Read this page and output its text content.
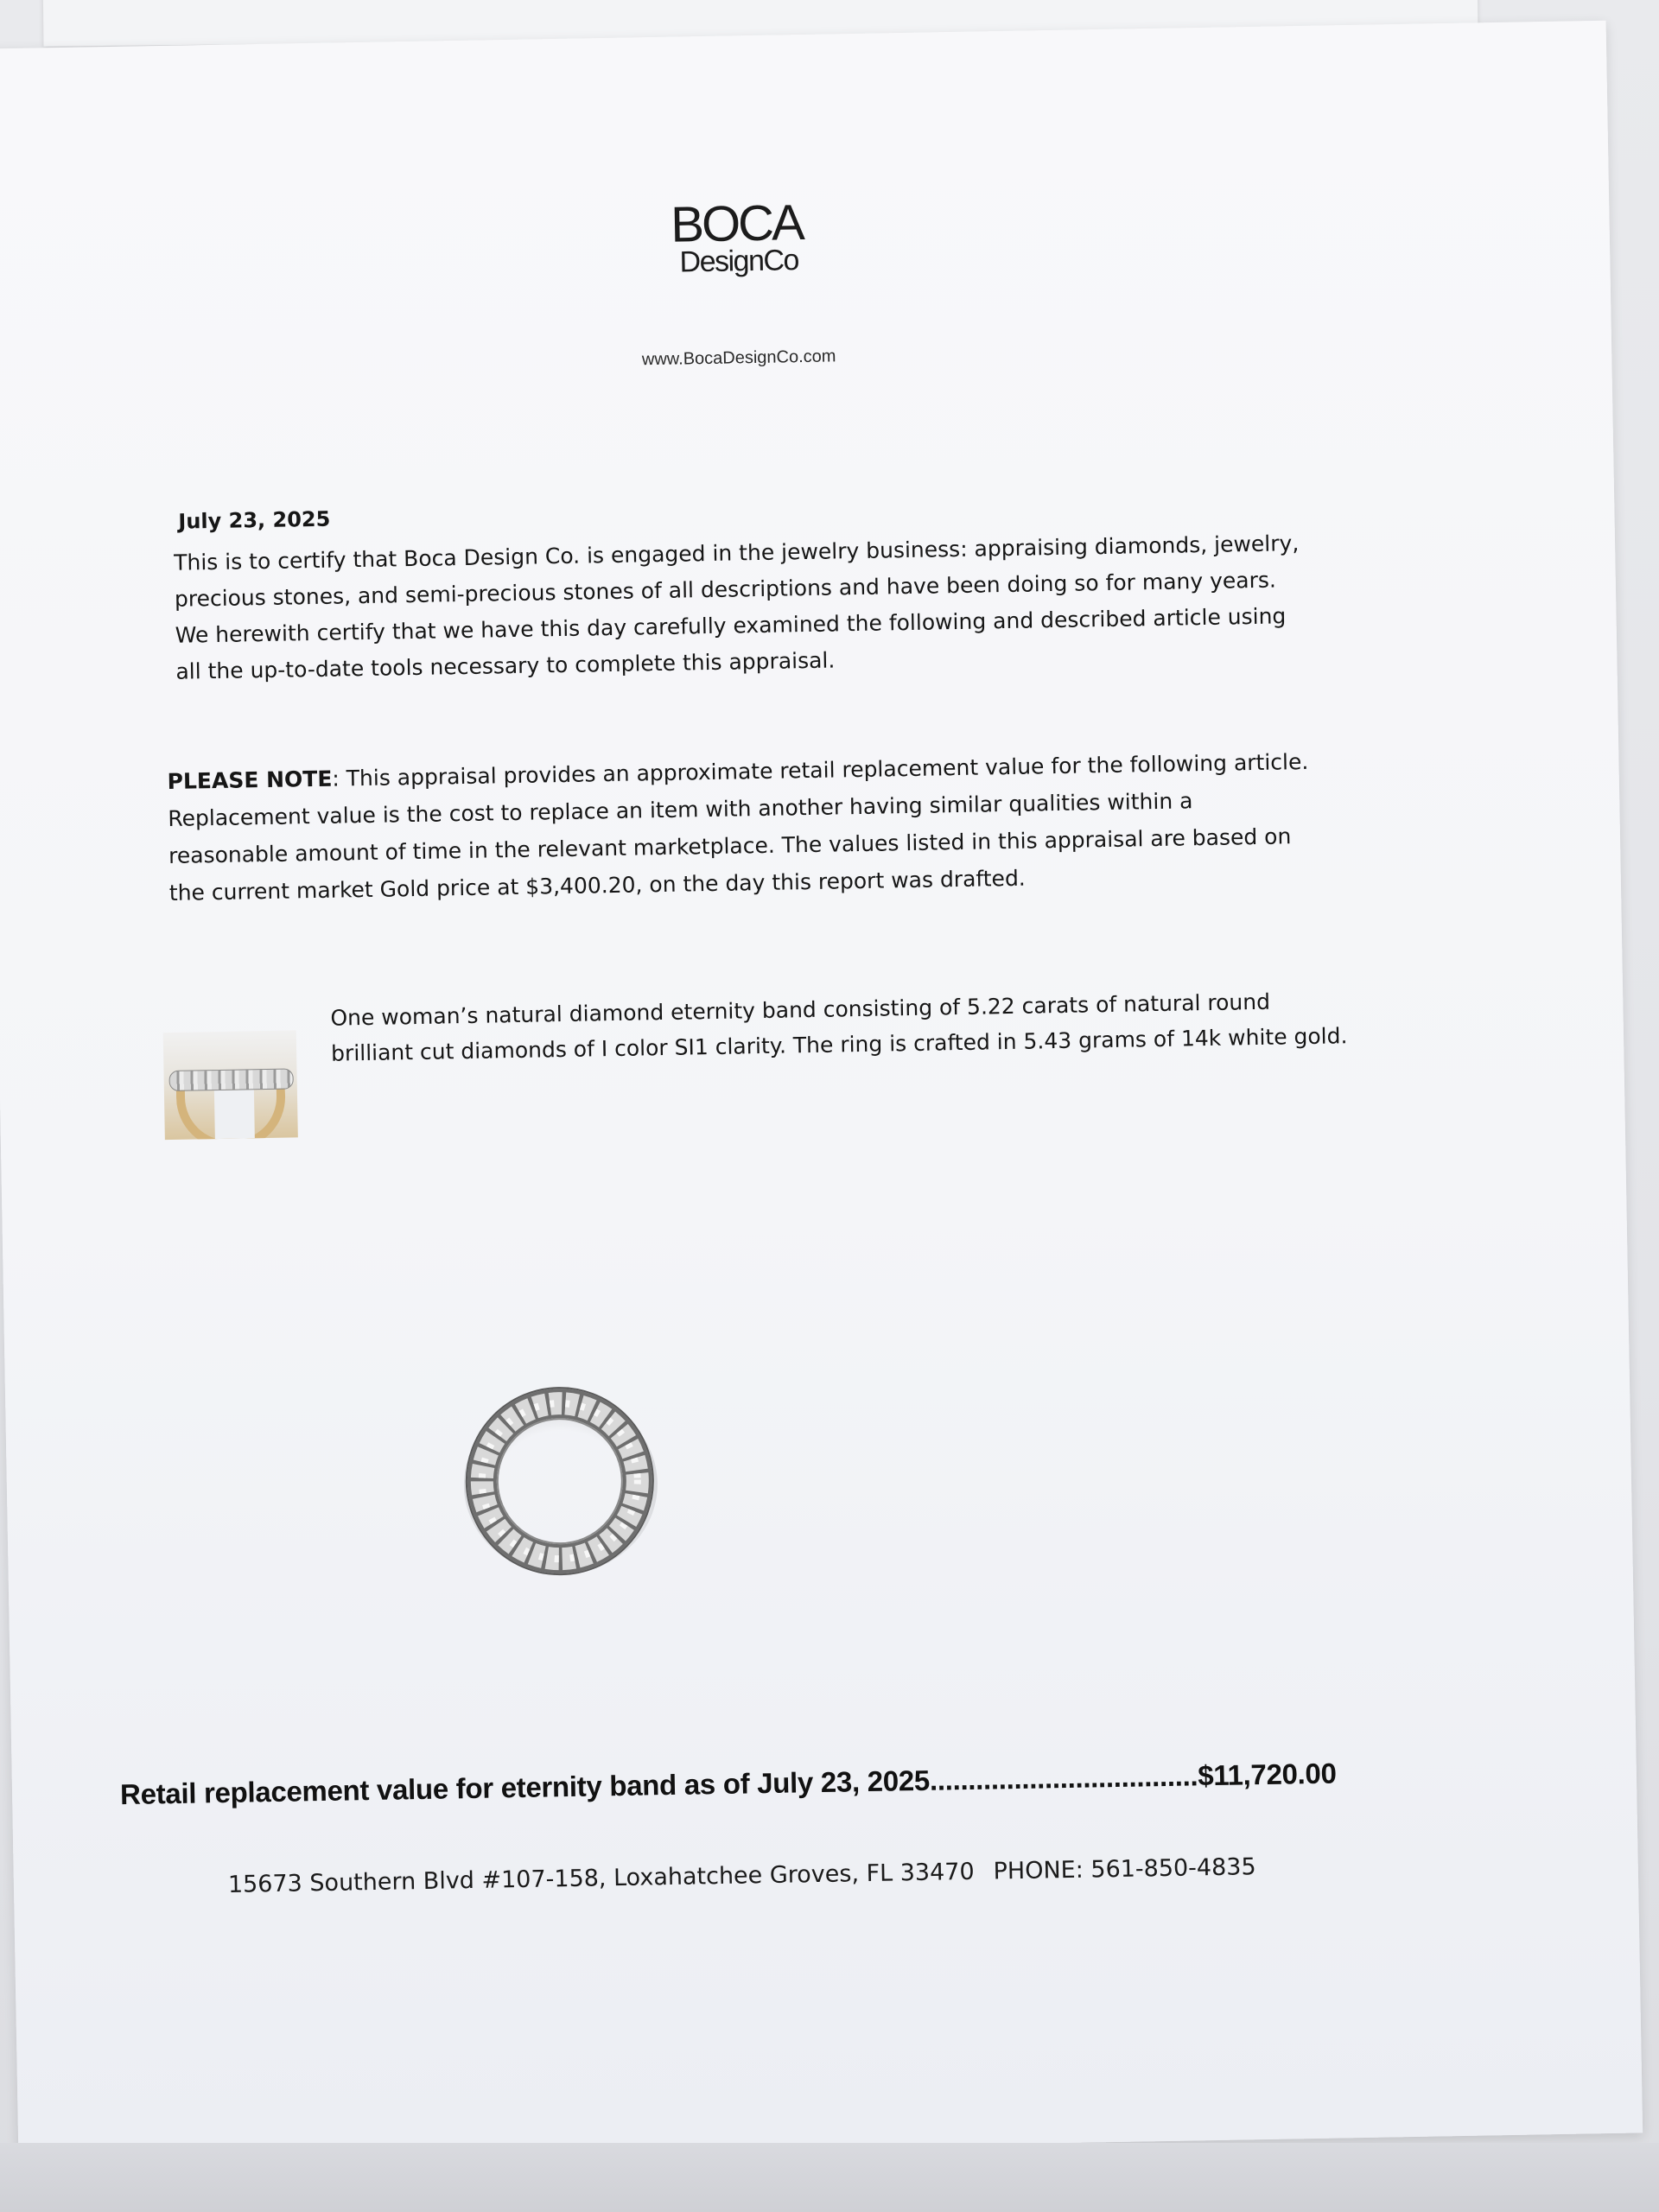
BOCA
DesignCo
www.BocaDesignCo.com
July 23, 2025
This is to certify that Boca Design Co. is engaged in the jewelry business: appraising diamonds, jewelry, precious stones, and semi-precious stones of all descriptions and have been doing so for many years. We herewith certify that we have this day carefully examined the following and described article using all the up-to-date tools necessary to complete this appraisal.
PLEASE NOTE: This appraisal provides an approximate retail replacement value for the following article. Replacement value is the cost to replace an item with another having similar qualities within a reasonable amount of time in the relevant marketplace. The values listed in this appraisal are based on the current market Gold price at $3,400.20, on the day this report was drafted.
One woman’s natural diamond eternity band consisting of 5.22 carats of natural round brilliant cut diamonds of I color SI1 clarity. The ring is crafted in 5.43 grams of 14k white gold.
Retail replacement value for eternity band as of July 23, 2025...................................$11,720.00
15673 Southern Blvd #107-158, Loxahatchee Groves, FL 33470 PHONE: 561-850-4835
